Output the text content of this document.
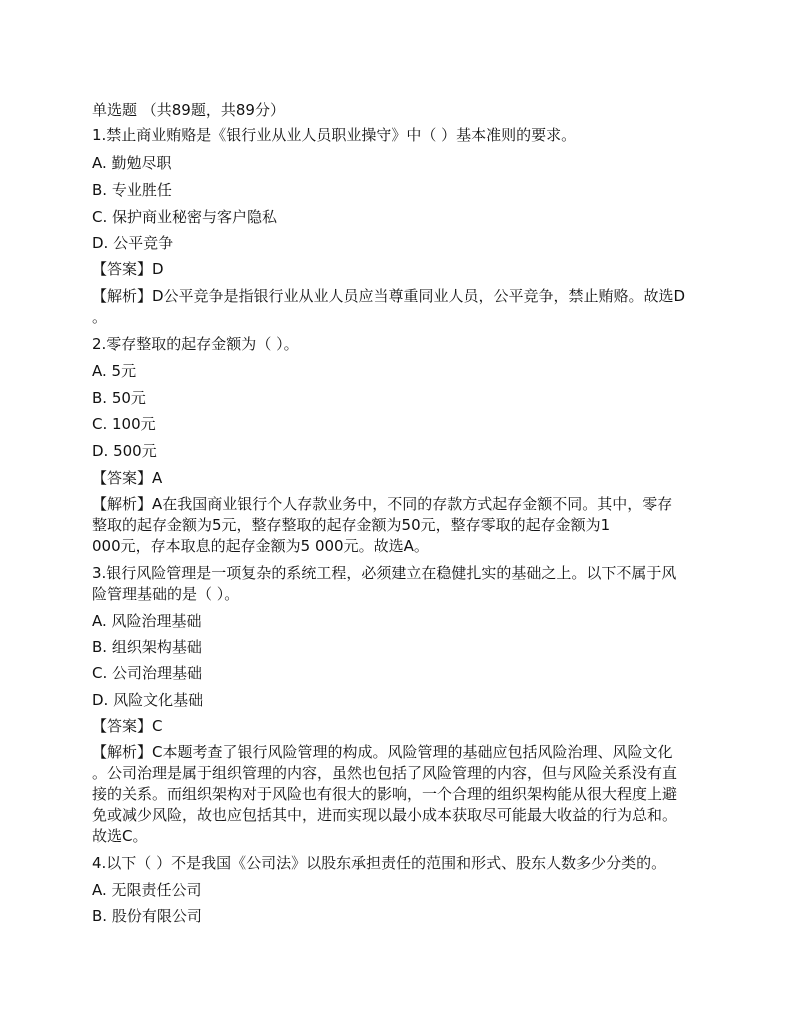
单选题 （共89题，共89分）
1.禁止商业贿赂是《银行业从业人员职业操守》中（ ）基本准则的要求。
A. 勤勉尽职
B. 专业胜任
C. 保护商业秘密与客户隐私
D. 公平竞争
【答案】D
【解析】D公平竞争是指银行业从业人员应当尊重同业人员，公平竞争，禁止贿赂。故选D
。
2.零存整取的起存金额为（ ）。
A. 5元
B. 50元
C. 100元
D. 500元
【答案】A
【解析】A在我国商业银行个人存款业务中，不同的存款方式起存金额不同。其中，零存
整取的起存金额为5元，整存整取的起存金额为50元，整存零取的起存金额为1
000元，存本取息的起存金额为5 000元。故选A。
3.银行风险管理是一项复杂的系统工程，必须建立在稳健扎实的基础之上。以下不属于风
险管理基础的是（ ）。
A. 风险治理基础
B. 组织架构基础
C. 公司治理基础
D. 风险文化基础
【答案】C
【解析】C本题考查了银行风险管理的构成。风险管理的基础应包括风险治理、风险文化
。公司治理是属于组织管理的内容，虽然也包括了风险管理的内容，但与风险关系没有直
接的关系。而组织架构对于风险也有很大的影响，一个合理的组织架构能从很大程度上避
免或减少风险，故也应包括其中，进而实现以最小成本获取尽可能最大收益的行为总和。
故选C。
4.以下（ ）不是我国《公司法》以股东承担责任的范围和形式、股东人数多少分类的。
A. 无限责任公司
B. 股份有限公司
